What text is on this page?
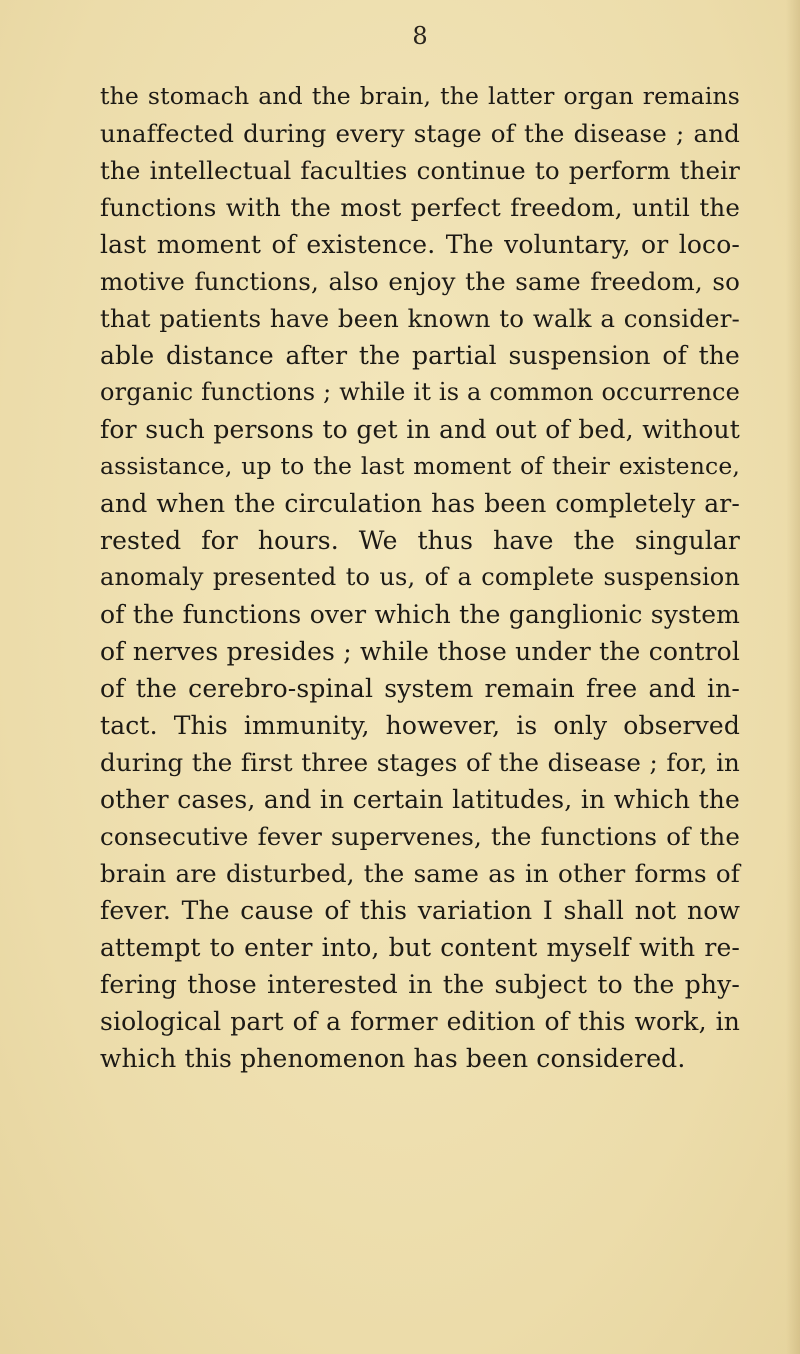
8
the stomach and the brain, the latter organ remains
unaffected during every stage of the disease ; and
the intellectual faculties continue to perform their
functions with the most perfect freedom, until the
last moment of existence. The voluntary, or loco-
motive functions, also enjoy the same freedom, so
that patients have been known to walk a consider-
able distance after the partial suspension of the
organic functions ; while it is a common occurrence
for such persons to get in and out of bed, without
assistance, up to the last moment of their existence,
and when the circulation has been completely ar-
rested for hours. We thus have the singular
anomaly presented to us, of a complete suspension
of the functions over which the ganglionic system
of nerves presides ; while those under the control
of the cerebro-spinal system remain free and in-
tact. This immunity, however, is only observed
during the first three stages of the disease ; for, in
other cases, and in certain latitudes, in which the
consecutive fever supervenes, the functions of the
brain are disturbed, the same as in other forms of
fever. The cause of this variation I shall not now
attempt to enter into, but content myself with re-
fering those interested in the subject to the phy-
siological part of a former edition of this work, in
which this phenomenon has been considered.
